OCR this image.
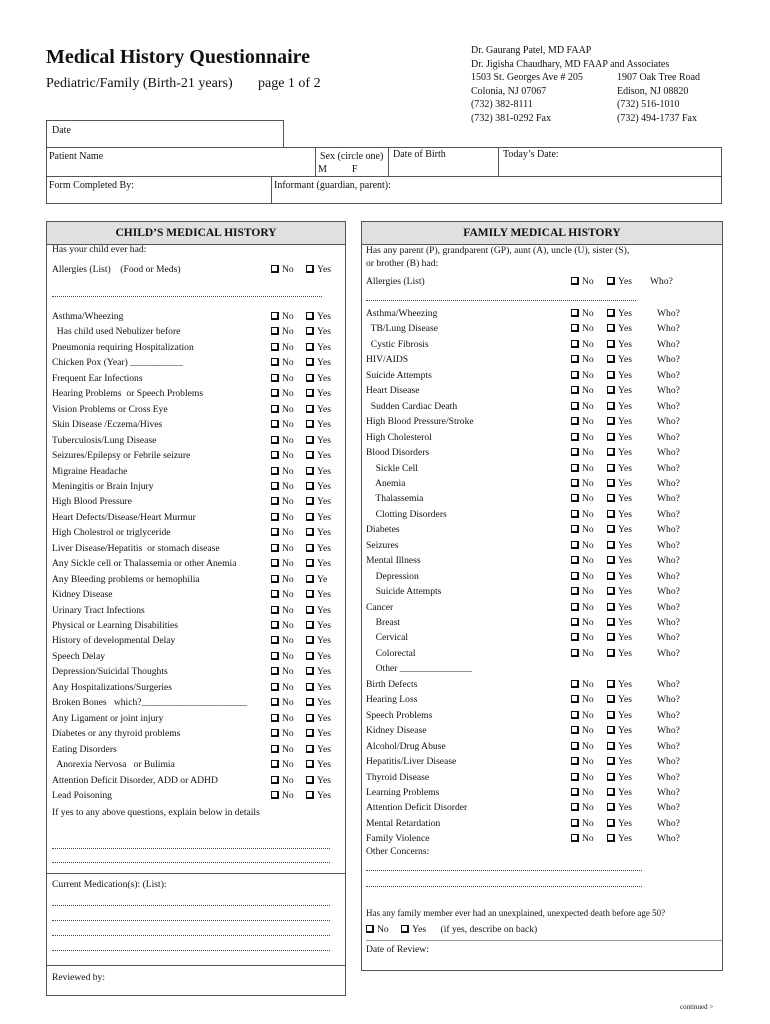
Medical History Questionnaire
Pediatric/Family (Birth-21 years) page 1 of 2
Dr. Gaurang Patel, MD FAAP
Dr. Jigisha Chaudhary, MD FAAP and Associates
1503 St. Georges Ave # 205
Colonia, NJ 07067
(732) 382-8111
(732) 381-0292 Fax
1907 Oak Tree Road
Edison, NJ 08820
(732) 516-1010
(732) 494-1737 Fax
Date
Patient Name	Sex (circle one)
M          F
Date of Birth	Today’s Date:
Form Completed By:	Informant (guardian, parent):
CHILD’S MEDICAL HISTORY
Has your child ever had:
Allergies (List)    (Food or Meds)	No	Yes
Asthma/Wheezing	No	Yes
Has child used Nebulizer before	No	Yes
Pneumonia requiring Hospitalization	No	Yes
Chicken Pox (Year) ___________	No	Yes
Frequent Ear Infections	No	Yes
Hearing Problems  or Speech Problems	No	Yes
Vision Problems or Cross Eye	No	Yes
Skin Disease /Eczema/Hives	No	Yes
Tuberculosis/Lung Disease	No	Yes
Seizures/Epilepsy or Febrile seizure	No	Yes
Migraine Headache	No	Yes
Meningitis or Brain Injury	No	Yes
High Blood Pressure	No	Yes
Heart Defects/Disease/Heart Murmur	No	Yes
High Cholestrol or triglyceride	No	Yes
Liver Disease/Hepatitis  or stomach disease	No	Yes
Any Sickle cell or Thalassemia or other Anemia	No	Yes
Any Bleeding problems or hemophilia	No	Ye
Kidney Disease	No	Yes
Urinary Tract Infections	No	Yes
Physical or Learning Disabilities	No	Yes
History of developmental Delay	No	Yes
Speech Delay	No	Yes
Depression/Suicidal Thoughts	No	Yes
Any Hospitalizations/Surgeries	No	Yes
Broken Bones   which?______________________	No	Yes
Any Ligament or joint injury	No	Yes
Diabetes or any thyroid problems	No	Yes
Eating Disorders	No	Yes
Anorexia Nervosa   or Bulimia	No	Yes
Attention Deficit Disorder, ADD or ADHD	No	Yes
Lead Poisoning	No	Yes
If yes to any above questions, explain below in details
Current Medication(s): (List):
Reviewed by:
FAMILY MEDICAL HISTORY
Has any parent (P), grandparent (GP), aunt (A), uncle (U), sister (S),
or brother (B) had:
Allergies (List)	No	Yes Who?
Asthma/Wheezing	No	Yes	Who?
TB/Lung Disease	No	Yes	Who?
Cystic Fibrosis	No	Yes	Who?
HIV/AIDS	No	Yes	Who?
Suicide Attempts	No	Yes	Who?
Heart Disease	No	Yes	Who?
Sudden Cardiac Death	No	Yes	Who?
High Blood Pressure/Stroke	No	Yes	Who?
High Cholesterol	No	Yes	Who?
Blood Disorders	No	Yes	Who?
Sickle Cell	No	Yes	Who?
Anemia	No	Yes	Who?
Thalassemia	No	Yes	Who?
Clotting Disorders	No	Yes	Who?
Diabetes	No	Yes	Who?
Seizures	No	Yes	Who?
Mental Illness	No	Yes	Who?
Depression	No	Yes	Who?
Suicide Attempts	No	Yes	Who?
Cancer	No	Yes	Who?
Breast	No	Yes	Who?
Cervical	No	Yes	Who?
Colorectal	No	Yes	Who?
Other _______________
Birth Defects	No	Yes	Who?
Hearing Loss	No	Yes	Who?
Speech Problems	No	Yes	Who?
Kidney Disease	No	Yes	Who?
Alcohol/Drug Abuse	No	Yes	Who?
Hepatitis/Liver Disease	No	Yes	Who?
Thyroid Disease	No	Yes	Who?
Learning Problems	No	Yes	Who?
Attention Deficit Disorder	No	Yes	Who?
Mental Retardation	No	Yes	Who?
Family Violence	No	Yes	Who?
Other Concerns:
Has any family member ever had an unexplained, unexpected death before age 50?
No Yes (if yes, describe on back)
Date of Review:
continued >
